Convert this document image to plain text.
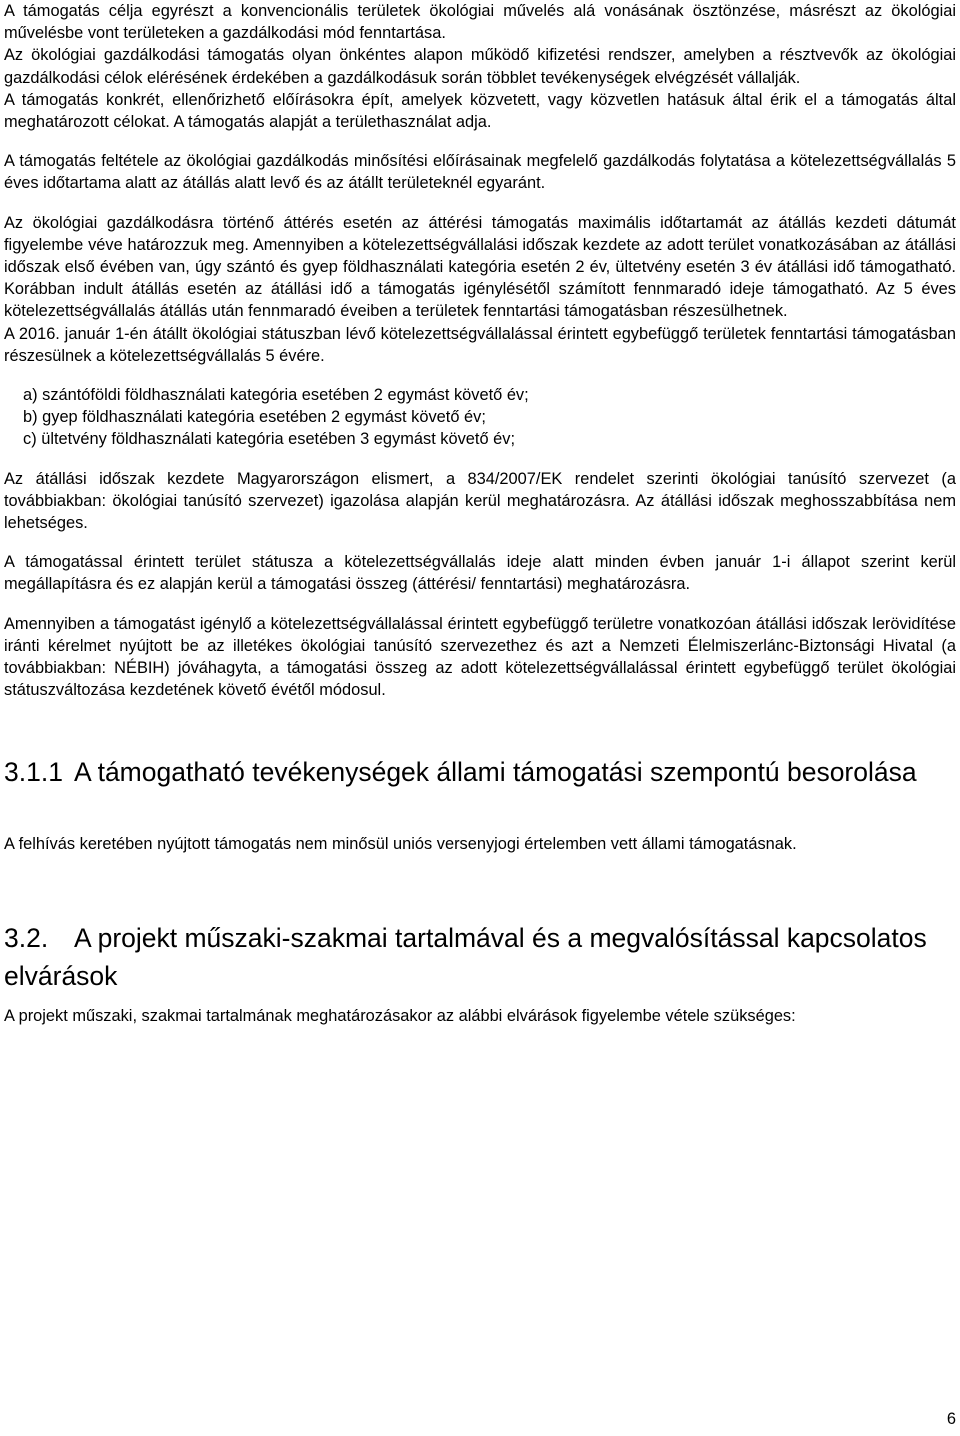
A támogatás célja egyrészt a konvencionális területek ökológiai művelés alá vonásának ösztönzése, másrészt az ökológiai művelésbe vont területeken a gazdálkodási mód fenntartása.

Az ökológiai gazdálkodási támogatás olyan önkéntes alapon működő kifizetési rendszer, amelyben a résztvevők az ökológiai gazdálkodási célok elérésének érdekében a gazdálkodásuk során többlet tevékenységek elvégzését vállalják.

A támogatás konkrét, ellenőrizhető előírásokra épít, amelyek közvetett, vagy közvetlen hatásuk által érik el a támogatás által meghatározott célokat. A támogatás alapját a területhasználat adja.

A támogatás feltétele az ökológiai gazdálkodás minősítési előírásainak megfelelő gazdálkodás folytatása a kötelezettségvállalás 5 éves időtartama alatt az átállás alatt levő és az átállt területeknél egyaránt.

Az ökológiai gazdálkodásra történő áttérés esetén az áttérési támogatás maximális időtartamát az átállás kezdeti dátumát figyelembe véve határozzuk meg. Amennyiben a kötelezettségvállalási időszak kezdete az adott terület vonatkozásában az átállási időszak első évében van, úgy szántó és gyep földhasználati kategória esetén 2 év, ültetvény esetén 3 év átállási idő támogatható. Korábban indult átállás esetén az átállási idő a támogatás igénylésétől számított fennmaradó ideje támogatható. Az 5 éves kötelezettségvállalás átállás után fennmaradó éveiben a területek fenntartási támogatásban részesülhetnek.

A 2016. január 1-én átállt ökológiai státuszban lévő kötelezettségvállalással érintett egybefüggő területek fenntartási támogatásban részesülnek a kötelezettségvállalás 5 évére.

a) szántóföldi földhasználati kategória esetében 2 egymást követő év;
b) gyep földhasználati kategória esetében 2 egymást követő év;
c) ültetvény földhasználati kategória esetében 3 egymást követő év;

Az átállási időszak kezdete Magyarországon elismert, a 834/2007/EK rendelet szerinti ökológiai tanúsító szervezet (a továbbiakban: ökológiai tanúsító szervezet) igazolása alapján kerül meghatározásra. Az átállási időszak meghosszabbítása nem lehetséges.

A támogatással érintett terület státusza a kötelezettségvállalás ideje alatt minden évben január 1-i állapot szerint kerül megállapításra és ez alapján kerül a támogatási összeg (áttérési/ fenntartási) meghatározásra.

Amennyiben a támogatást igénylő a kötelezettségvállalással érintett egybefüggő területre vonatkozóan átállási időszak lerövidítése iránti kérelmet nyújtott be az illetékes ökológiai tanúsító szervezethez és azt a Nemzeti Élelmiszerlánc-Biztonsági Hivatal (a továbbiakban: NÉBIH) jóváhagyta, a támogatási összeg az adott kötelezettségvállalással érintett egybefüggő terület ökológiai státuszváltozása kezdetének követő évétől módosul.

3.1.1 A támogatható tevékenységek állami támogatási szempontú besorolása

A felhívás keretében nyújtott támogatás nem minősül uniós versenyjogi értelemben vett állami támogatásnak.

3.2. A projekt műszaki-szakmai tartalmával és a megvalósítással kapcsolatos elvárások

A projekt műszaki, szakmai tartalmának meghatározásakor az alábbi elvárások figyelembe vétele szükséges:

6
